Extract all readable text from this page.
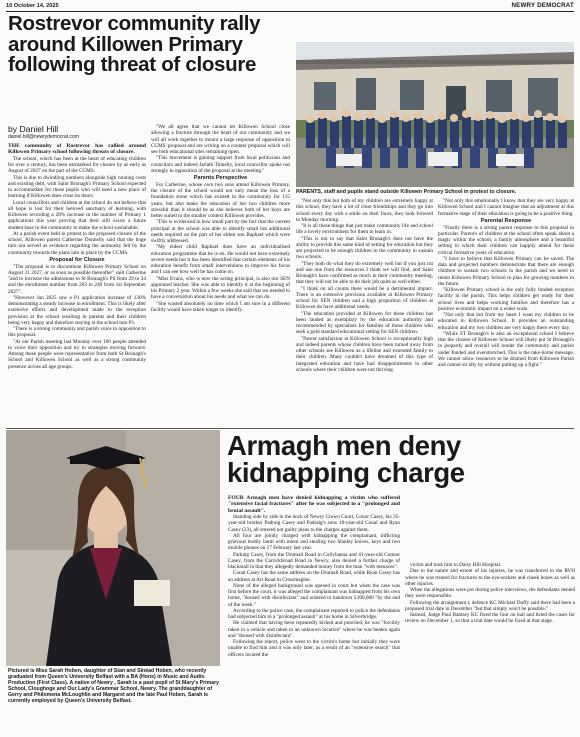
10 October 14, 2025	NEWRY DEMOCRAT
Rostrevor community rally around Killowen Primary following threat of closure
by Daniel Hill
daniel.hill@newrydemocrat.com

THE community of Rostrevor has rallied around Killowen Primary school following threats of closure.

The school, which has been at the heart of educating children for over a century, has been earmarked for closure by as early as August of 2027 on the part of the CCMS.

This is due to dwindling numbers alongside high running costs and existing debt, with Saint Bronagh's Primary School expected to accommodate for those pupils who will need a new place of learning if Killowen does close its doors.

Local councillors and children at the school do not believe that all hope is lost for their beloved sanctuary of learning, with Killowen recording a 28% increase in the number of Primary 1 applications this year proving that their still exists a future student base in the community to make the school sustainable.

At a parish event held in protest to the proposed closure of the school, Killowen parent Catherine Donnelly said that the huge turn out served as evidence regarding the animosity felt by the community towards the plans lain in place by the CCMS.

Proposal for Closure

"The proposal is to discontinue Killowen Primary School on August 31 2027, or as soon as possible thereafter" said Catherine "and to increase the admissions to St Bronagh's PS from 29 to 34 and the enrollment number from 203 to 240 from 1st September 2027".

"However Jan 2025 saw a P1 application increase of 130% demonstrating a steady increase in enrollment. This is likely after extensive efforts and development made to the reception provision at the school resulting in parents and their children being very happy and therefore staying at the school into P1.

"There is a strong community and parish voice in opposition to this proposal.

"At our Parish meeting last Monday over 100 people attended to voice their opposition and try to strategise moving forward. Among these people were representative from both St Bronagh's School and Killowen School as well as a strong community presence across all age groups.

"We all agree that we cannot let Killowen School close allowing a fracture through the heart of our community and we will all work together to mount a large response of opposition to CCMS' proposal and are writing on a counter proposal which will see both educational sites remaining open.

"This movement is gaining support from local politicians and councilors and indeed Jarlath Tinnelly, local councillor spoke out strongly in opposition of the proposal at the meeting."

Parents Perspective

For Catherine, whose own two sons attend Killowen Primary, the closure of the school would not only mean the loss of a foundation stone which has existed in the community for 115 years, but also make the education of her two children more stressful than it should be as she believes both of her boys are better suited to the smaller context Killowen provides.

"This is evidenced in how small part by the fact that the current principal at the school was able to identify small but additional needs required on the part of her eldest son Raphael which were swiftly addressed.

"My eldest child Raphael does have an individualised education programme that he is on. He would not have extremely severe needs but it has been identified that certain elements of his education benefit from small interventions to improve his focus and I can see how well he has come on.

"Miss Evans, who is now the acting principal, is also our SEN appointed teacher. She was able to identify it at the beginning of his Primary 2 year. Within a few weeks she said that we needed to have a conversation about his needs and what we can do.

"She wasted absolutely no time which I am sure in a different facility would have taken longer to identify.

PARENTS, staff and pupils stand outside Killowen Primary School in protest to closure.

"Not only this but both of my children are extremely happy at this school, they have a lot of close friendships and they go into school every day with a smile on their faces, they look forward to Monday morning.

"It is all these things that just make community life and school life a lovely environment for them to learn in.

"This is not to say that Saint Bronagh's does not have the ability to provide this same kind of setting for education but they are projected to be enough children in the community to sustain two schools.

"They both do what they do extremely well but if you just cut and use one from the resources I think we will find, and Saint Bronagh's have confirmed as much in their community meeting, that they will not be able to do their job quite as well either.

"I think on all counts there would be a detrimental impact. There is an extensive provision available at Killowen Primary school for SEN children and a high proportion of children at Killowen do have additional needs.

"The education provided at Killowen for these children has been lauded as exemplary by the education authority and recommended by specialists for families of those children who seek a gold standard educational setting for SEN children.

"Parent satisfaction at Killowen School is exceptionally high and indeed parents whose children have been turned away from other schools see Killowen as a lifeline and extended family to their children. Many couldn't have dreamed of this type of integrated education and have had disappointments in other schools where their children were not thriving.

"Not only this emotionally I know that they are very happy at Killowen School and I cannot imagine that an adjustment at this formative stage of their education is going to be a positive thing.

Parental Response

"Finally there is a strong parent response to this proposal in particular. Parent's of children at the school often speak about a magic within the school, a family atmosphere and a beautiful setting in which their children can happily attend for these critical formative years of education.

"I have to believe that Killowen Primary can be saved. The data and projected numbers demonstrate that there are enough children to sustain two schools in the parish and we need to retain Killowen Primary School to plan for growing numbers in the future.

"Killowen Primary school is the only fully funded reception facility in the parish. This helps children get ready for their school lives and helps working families and therefore has a positive economic impact on a wider scale.

"Not only that but from my heart I want my children to be educated in Killowen School. It provides an outstanding education and my two children are very happy there every day.

"While ST Bronagh's is also an exceptional school I believe that the closure of Killowen School will likely put St Bronagh's in jeopardy and overall will render the community and parish under funded and overstretched. This is the take-home message. We cannot allow resources to be drained from Killowen Parish and cannot sit idly by without putting up a fight."

Pictured is Miss Sarah Hoben, daughter of Stan and Sinéad Hoben, who recently graduated from Queen's University Belfast with a BA (Hons) in Music and Audio Production (First Class). A native of Newry , Sarah is a past pupil of St Mary's Primary School, Cloughoge and Our Lady's Grammar School, Newry. The granddaughter of Gerry and Philomena McLoughlin and Margaret and the late Paul Hoben, Sarah is currently employed by Queen's University Belfast.
Armagh men deny kidnapping charge

FOUR Armagh men have denied kidnapping a victim who suffered "extensive facial fractures" after he was subjected to a "prolonged and brutal assault".

Standing side by side in the dock of Newry Crown Court, Conor Casey, his 35-year-old brother Padraig Casey and Padraig's sons 18-year-old Conal and Ryan Casey (23), all entered not guilty pleas to the charges against them.

All four are jointly charged with kidnapping the complainant, inflicting grievous bodily harm with intent and stealing two Stanley knives, keys and two mobile phones on 17 February last year.

Padraig Casey, from the Drumall Road in Cullyhanna and 41-year-old Connor Casey, from the Carrickbroad Road in Newry, also denied a further charge of blackmail in that they allegedly demanded money from the man "with menaces".

Conal Casey has the same address on the Drumall Road, while Ryan Casey has an address at Art Road in Crossmaglen.

None of the alleged background was opened in court but when the case was first before the court, it was alleged the complainant was kidnapped from his own home, "doused with disinfectant" and ordered to handover £100,000 "by the end of the week."

According to the police case, the complainant reported to police the defendants had subjected him to a "prolonged assault" at his home in Silverbridge.

He claimed that having been repeatedly kicked and punched, he was "forcibly taken in a vehicle and taken to an unknown location" where he was beaten again and "doused with disinfectant".

Following the report, police went to the victim's home but initially they were unable to find him and it was only later, as a result of an "extensive search" that officers located the

victim and took him to Daisy Hill Hospital.

Due to the nature and extent of his injuries, he was transferred to the RVH where he was treated for fractures to the eye-sockets and cheek bones as well as other injuries.

When the allegations were put during police interviews, the defendants denied they were responsible.

Following the arraignment t, defence KC Michael Duffy said there had been a proposed trial date in December "but that simply won't be possible."

Instead, Judge Paul Ramsey KC fixed the four on bail and listed the cases for review on December 1, so that a trial date would be fixed at that stage.
